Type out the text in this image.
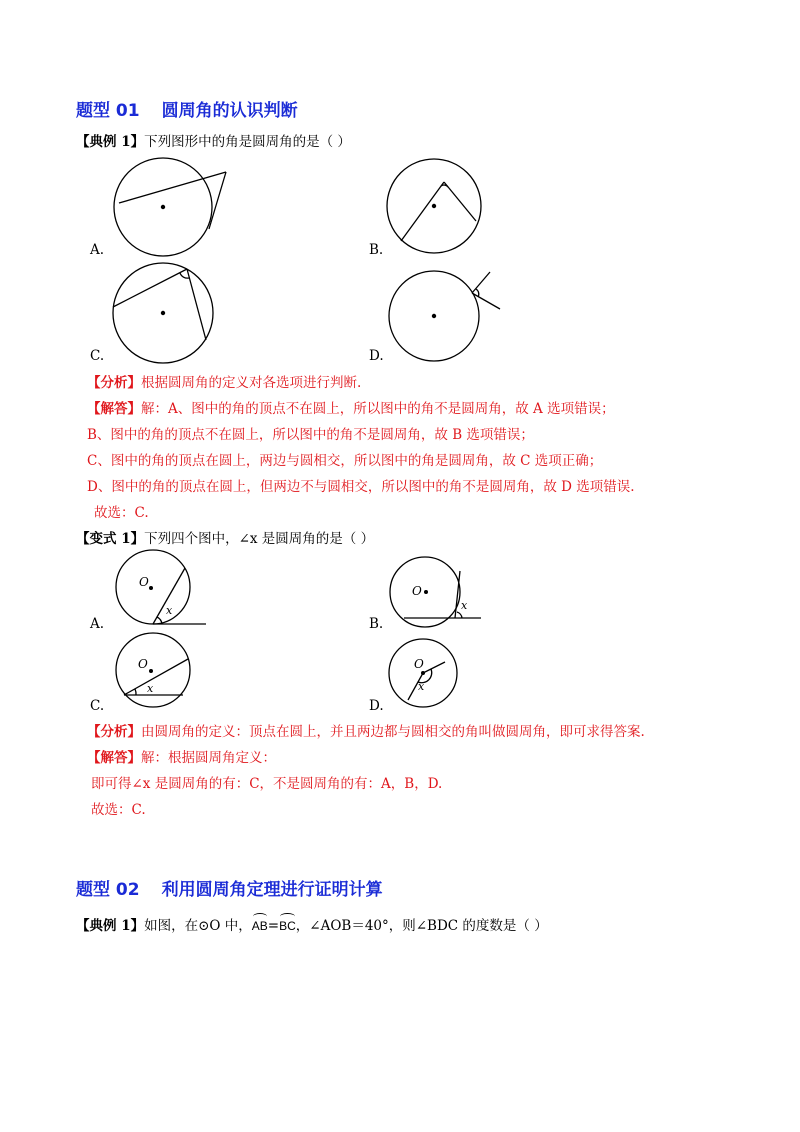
题型 01 圆周角的认识判断
【典例 1】下列图形中的角是圆周角的是（ ）
A.	B.
C.	D.
【分析】根据圆周角的定义对各选项进行判断.
【解答】解：A、图中的角的顶点不在圆上，所以图中的角不是圆周角，故 A 选项错误；
B、图中的角的顶点不在圆上，所以图中的角不是圆周角，故 B 选项错误；
C、图中的角的顶点在圆上，两边与圆相交，所以图中的角是圆周角，故 C 选项正确；
D、图中的角的顶点在圆上，但两边不与圆相交，所以图中的角不是圆周角，故 D 选项错误.
故选：C.
【变式 1】下列四个图中，∠x 是圆周角的是（ ）
O
x
O
x
O
x
O
x
A.	B.
C.	D.
【分析】由圆周角的定义：顶点在圆上，并且两边都与圆相交的角叫做圆周角，即可求得答案.
【解答】解：根据圆周角定义：
即可得∠x 是圆周角的有：C，不是圆周角的有：A，B，D.
故选：C.
题型 02 利用圆周角定理进行证明计算
【典例 1】如图，在⊙O 中，
AB=
BC，∠AOB＝40°，则∠BDC 的度数是（ ）
